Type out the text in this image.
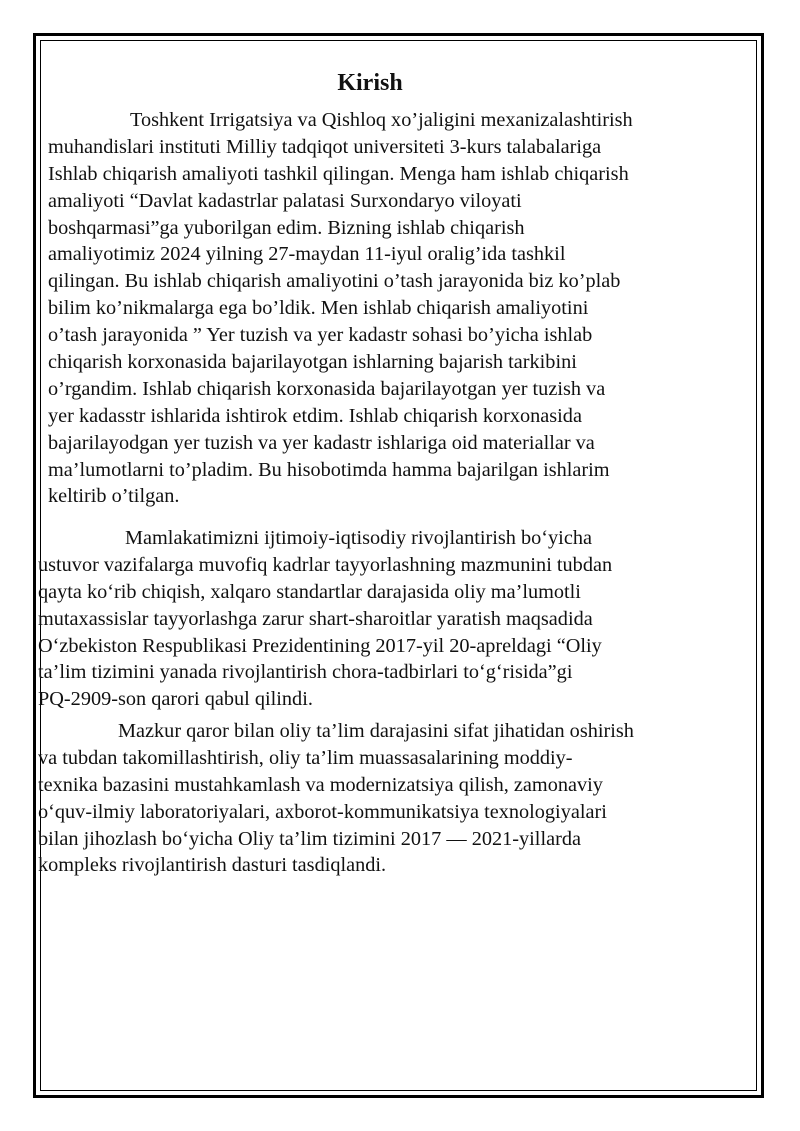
Kirish
Toshkent Irrigatsiya va Qishloq xo’jaligini mexanizalashtirish
muhandislari instituti Milliy tadqiqot universiteti 3-kurs talabalariga
Ishlab chiqarish amaliyoti tashkil qilingan. Menga ham ishlab chiqarish
amaliyoti “Davlat kadastrlar palatasi Surxondaryo viloyati
boshqarmasi”ga yuborilgan edim. Bizning ishlab chiqarish
amaliyotimiz 2024 yilning 27-maydan 11-iyul oralig’ida tashkil
qilingan. Bu ishlab chiqarish amaliyotini o’tash jarayonida biz ko’plab
bilim ko’nikmalarga ega bo’ldik. Men ishlab chiqarish amaliyotini
o’tash jarayonida ” Yer tuzish va yer kadastr sohasi bo’yicha ishlab
chiqarish korxonasida bajarilayotgan ishlarning bajarish tarkibini
o’rgandim. Ishlab chiqarish korxonasida bajarilayotgan yer tuzish va
yer kadasstr ishlarida ishtirok etdim. Ishlab chiqarish korxonasida
bajarilayodgan yer tuzish va yer kadastr ishlariga oid materiallar va
ma’lumotlarni to’pladim. Bu hisobotimda hamma bajarilgan ishlarim
keltirib o’tilgan.
Mamlakatimizni ijtimoiy-iqtisodiy rivojlantirish bo‘yicha
ustuvor vazifalarga muvofiq kadrlar tayyorlashning mazmunini tubdan
qayta ko‘rib chiqish, xalqaro standartlar darajasida oliy ma’lumotli
mutaxassislar tayyorlashga zarur shart-sharoitlar yaratish maqsadida
O‘zbekiston Respublikasi Prezidentining 2017-yil 20-apreldagi “Oliy
ta’lim tizimini yanada rivojlantirish chora-tadbirlari to‘g‘risida”gi
PQ-2909-son qarori qabul qilindi.
Mazkur qaror bilan oliy ta’lim darajasini sifat jihatidan oshirish
va tubdan takomillashtirish, oliy ta’lim muassasalarining moddiy-
texnika bazasini mustahkamlash va modernizatsiya qilish, zamonaviy
o‘quv-ilmiy laboratoriyalari, axborot-kommunikatsiya texnologiyalari
bilan jihozlash bo‘yicha Oliy ta’lim tizimini 2017 — 2021-yillarda
kompleks rivojlantirish dasturi tasdiqlandi.
